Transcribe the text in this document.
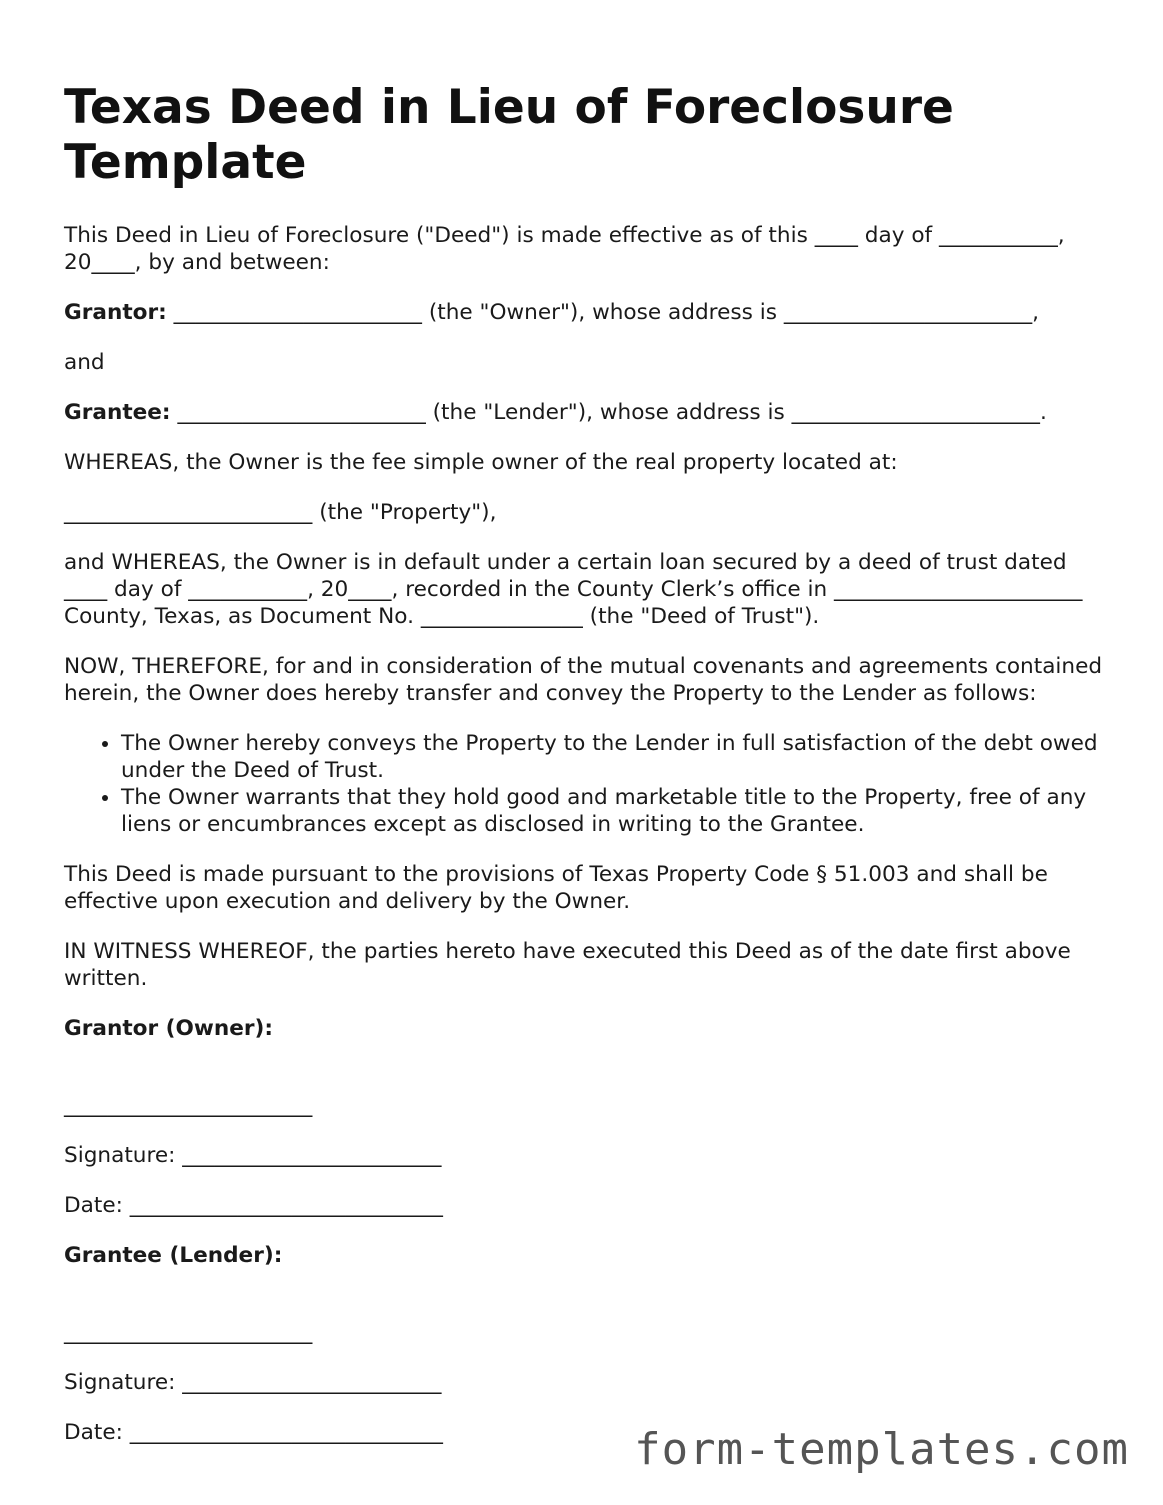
Texas Deed in Lieu of Foreclosure Template

This Deed in Lieu of Foreclosure ("Deed") is made effective as of this ____ day of ___________, 20____, by and between:

Grantor: _______________________ (the "Owner"), whose address is _______________________,

and

Grantee: _______________________ (the "Lender"), whose address is _______________________.

WHEREAS, the Owner is the fee simple owner of the real property located at:

_______________________ (the "Property"),

and WHEREAS, the Owner is in default under a certain loan secured by a deed of trust dated ____ day of ___________, 20____, recorded in the County Clerk’s office in _______________________ County, Texas, as Document No. _______________ (the "Deed of Trust").

NOW, THEREFORE, for and in consideration of the mutual covenants and agreements contained herein, the Owner does hereby transfer and convey the Property to the Lender as follows:

• The Owner hereby conveys the Property to the Lender in full satisfaction of the debt owed under the Deed of Trust.
• The Owner warrants that they hold good and marketable title to the Property, free of any liens or encumbrances except as disclosed in writing to the Grantee.

This Deed is made pursuant to the provisions of Texas Property Code § 51.003 and shall be effective upon execution and delivery by the Owner.

IN WITNESS WHEREOF, the parties hereto have executed this Deed as of the date first above written.

Grantor (Owner):

_______________________

Signature: ________________________

Date: _____________________________

Grantee (Lender):

_______________________

Signature: ________________________

Date: _____________________________	form-templates.com
